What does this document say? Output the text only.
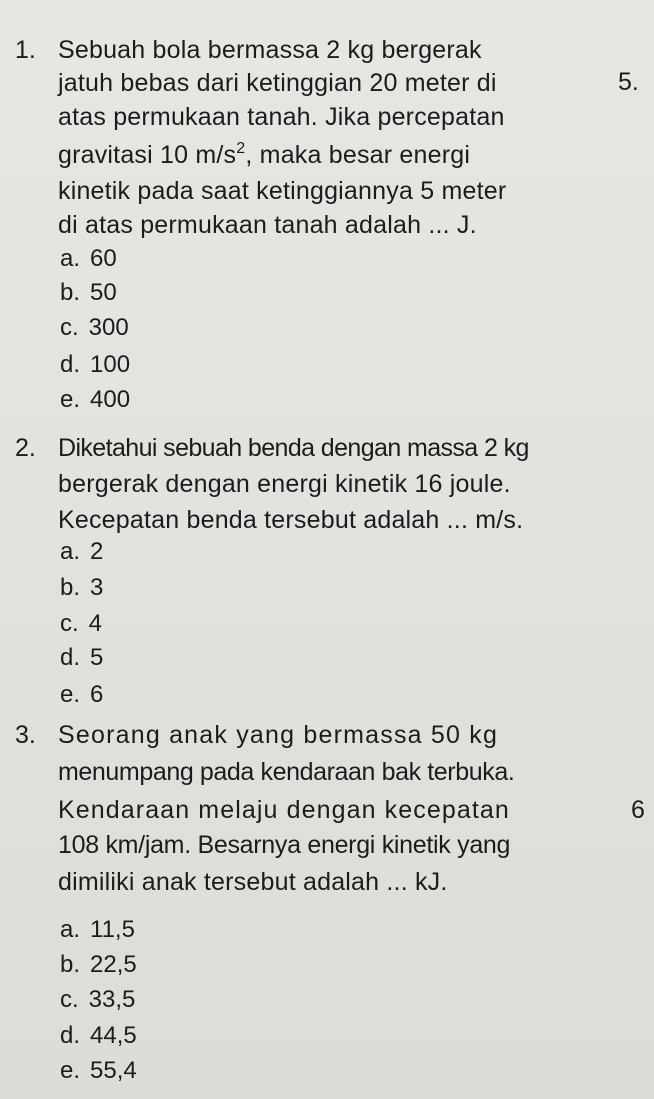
1. Sebuah bola bermassa 2 kg bergerak
jatuh bebas dari ketinggian 20 meter di
atas permukaan tanah. Jika percepatan
gravitasi 10 $m/s^2$, maka besar energi
kinetik pada saat ketinggiannya 5 meter
di atas permukaan tanah adalah ... J.
a. 60
b. 50
c. 300
d. 100
e. 400
2. Diketahui sebuah benda dengan massa 2 kg
bergerak dengan energi kinetik 16 joule.
Kecepatan benda tersebut adalah ... m/s.
a. 2
b. 3
c. 4
d. 5
e. 6
3. Seorang anak yang bermassa 50 kg
menumpang pada kendaraan bak terbuka.
Kendaraan melaju dengan kecepatan
108 km/jam. Besarnya energi kinetik yang
dimiliki anak tersebut adalah ... kJ.
a. 11,5
b. 22,5
c. 33,5
d. 44,5
e. 55,4
5.
6
